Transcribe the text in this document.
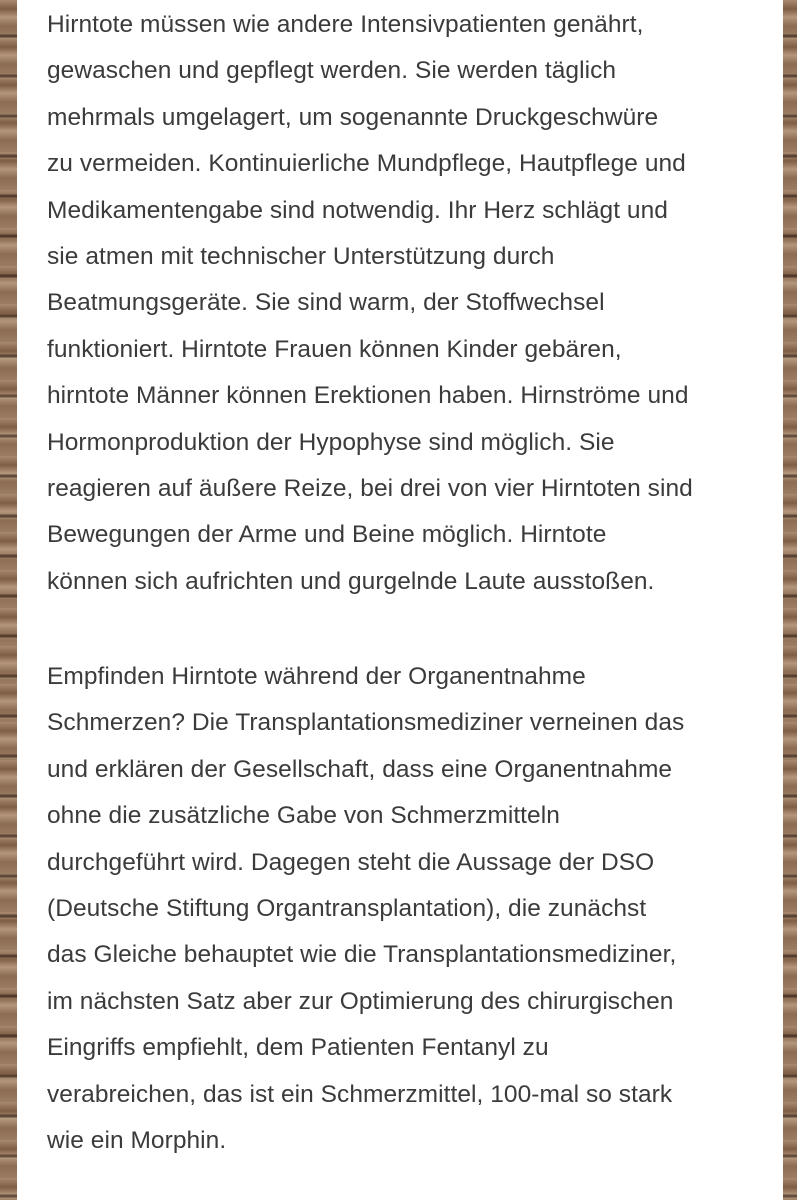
Hirntote müssen wie andere Intensivpatienten genährt,

gewaschen und gepflegt werden. Sie werden täglich

mehrmals umgelagert, um sogenannte Druckgeschwüre

zu vermeiden. Kontinuierliche Mundpflege, Hautpflege und

Medikamentengabe sind notwendig. Ihr Herz schlägt und

sie atmen mit technischer Unterstützung durch

Beatmungsgeräte. Sie sind warm, der Stoffwechsel

funktioniert. Hirntote Frauen können Kinder gebären,

hirntote Männer können Erektionen haben. Hirnströme und

Hormonproduktion der Hypophyse sind möglich. Sie

reagieren auf äußere Reize, bei drei von vier Hirntoten sind

Bewegungen der Arme und Beine möglich. Hirntote

können sich aufrichten und gurgelnde Laute ausstoßen.

Empfinden Hirntote während der Organentnahme

Schmerzen? Die Transplantationsmediziner verneinen das

und erklären der Gesellschaft, dass eine Organentnahme

ohne die zusätzliche Gabe von Schmerzmitteln

durchgeführt wird. Dagegen steht die Aussage der DSO

(Deutsche Stiftung Organtransplantation), die zunächst

das Gleiche behauptet wie die Transplantationsmediziner,

im nächsten Satz aber zur Optimierung des chirurgischen

Eingriffs empfiehlt, dem Patienten Fentanyl zu

verabreichen, das ist ein Schmerzmittel, 100-mal so stark

wie ein Morphin.
